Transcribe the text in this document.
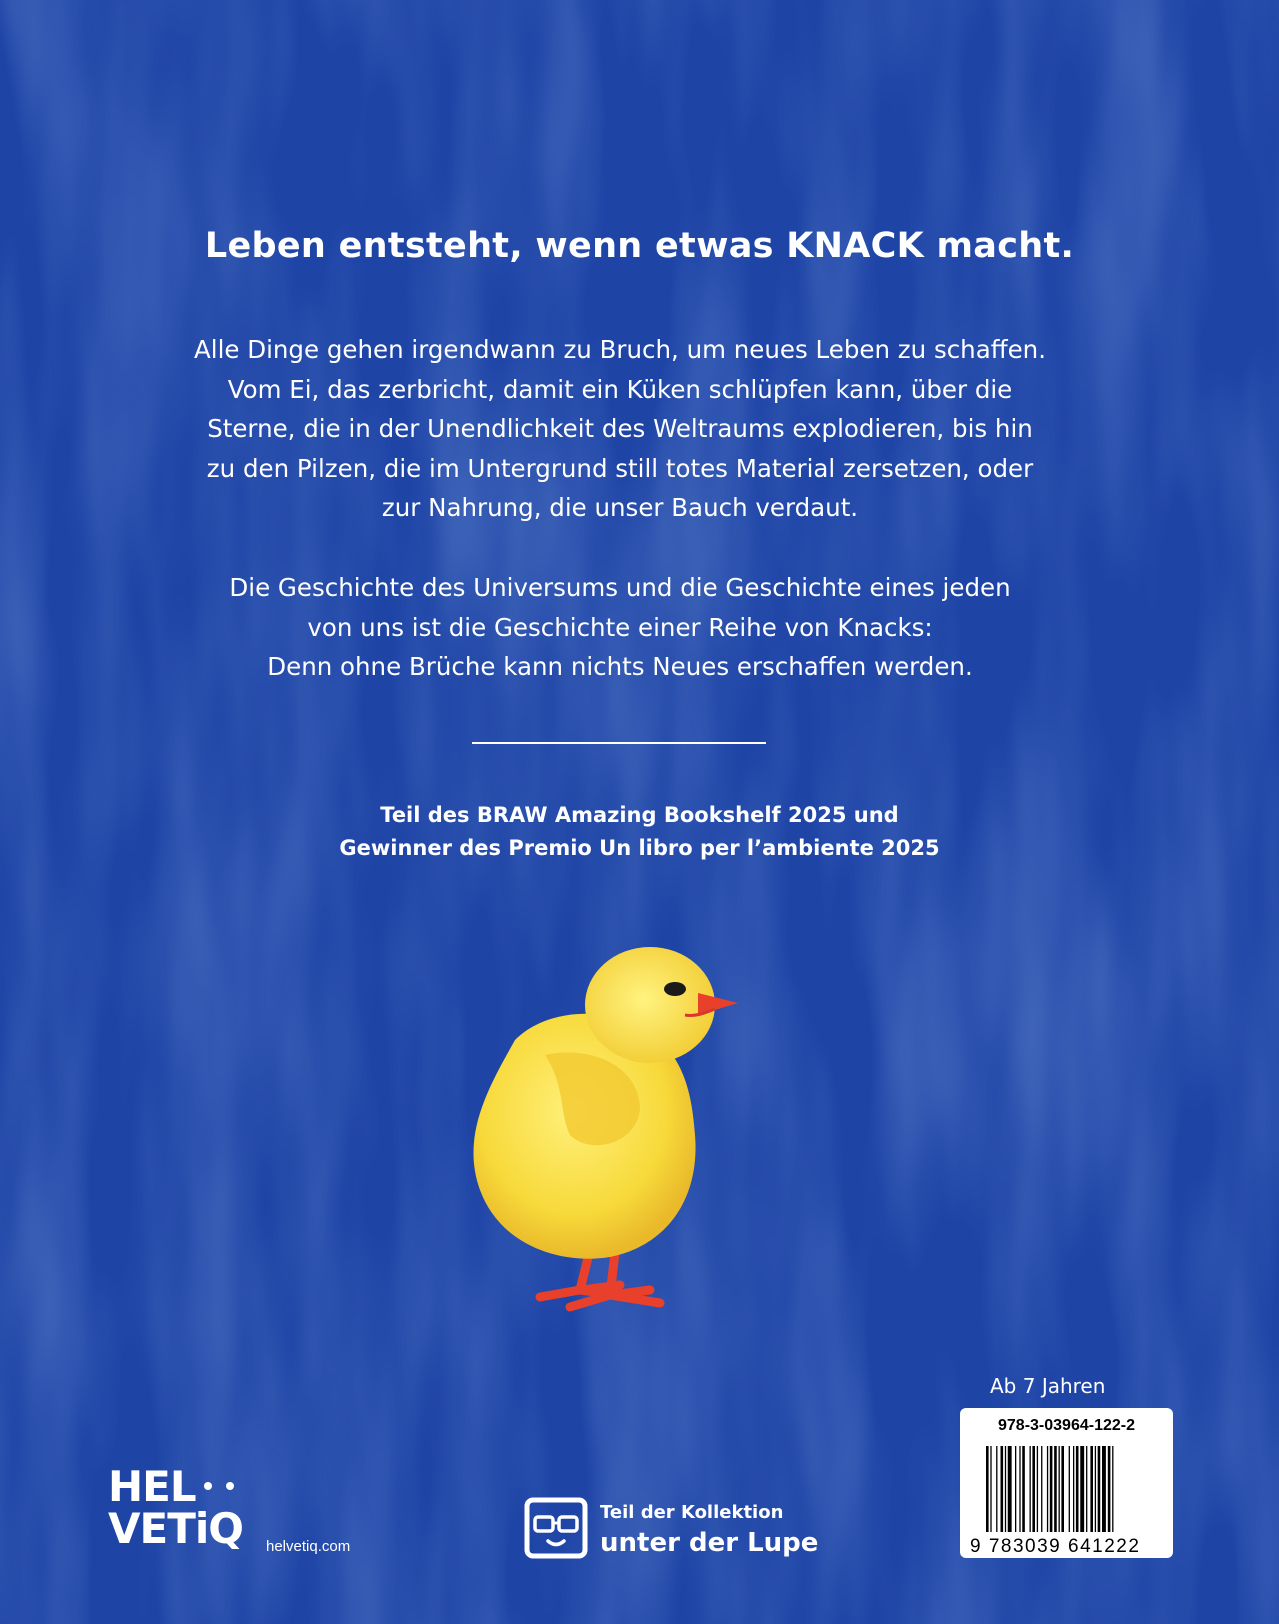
Leben entsteht, wenn etwas KNACK macht.

Alle Dinge gehen irgendwann zu Bruch, um neues Leben zu schaffen.
Vom Ei, das zerbricht, damit ein Küken schlüpfen kann, über die
Sterne, die in der Unendlichkeit des Weltraums explodieren, bis hin
zu den Pilzen, die im Untergrund still totes Material zersetzen, oder
zur Nahrung, die unser Bauch verdaut.

Die Geschichte des Universums und die Geschichte eines jeden
von uns ist die Geschichte einer Reihe von Knacks:
Denn ohne Brüche kann nichts Neues erschaffen werden.

Teil des BRAW Amazing Bookshelf 2025 und
Gewinner des Premio Un libro per l’ambiente 2025
Ab 7 Jahren
978-3-03964-122-2
9 783039 641222
HEL
VETiQ helvetiq.com
Teil der Kollektion
unter der Lupe
